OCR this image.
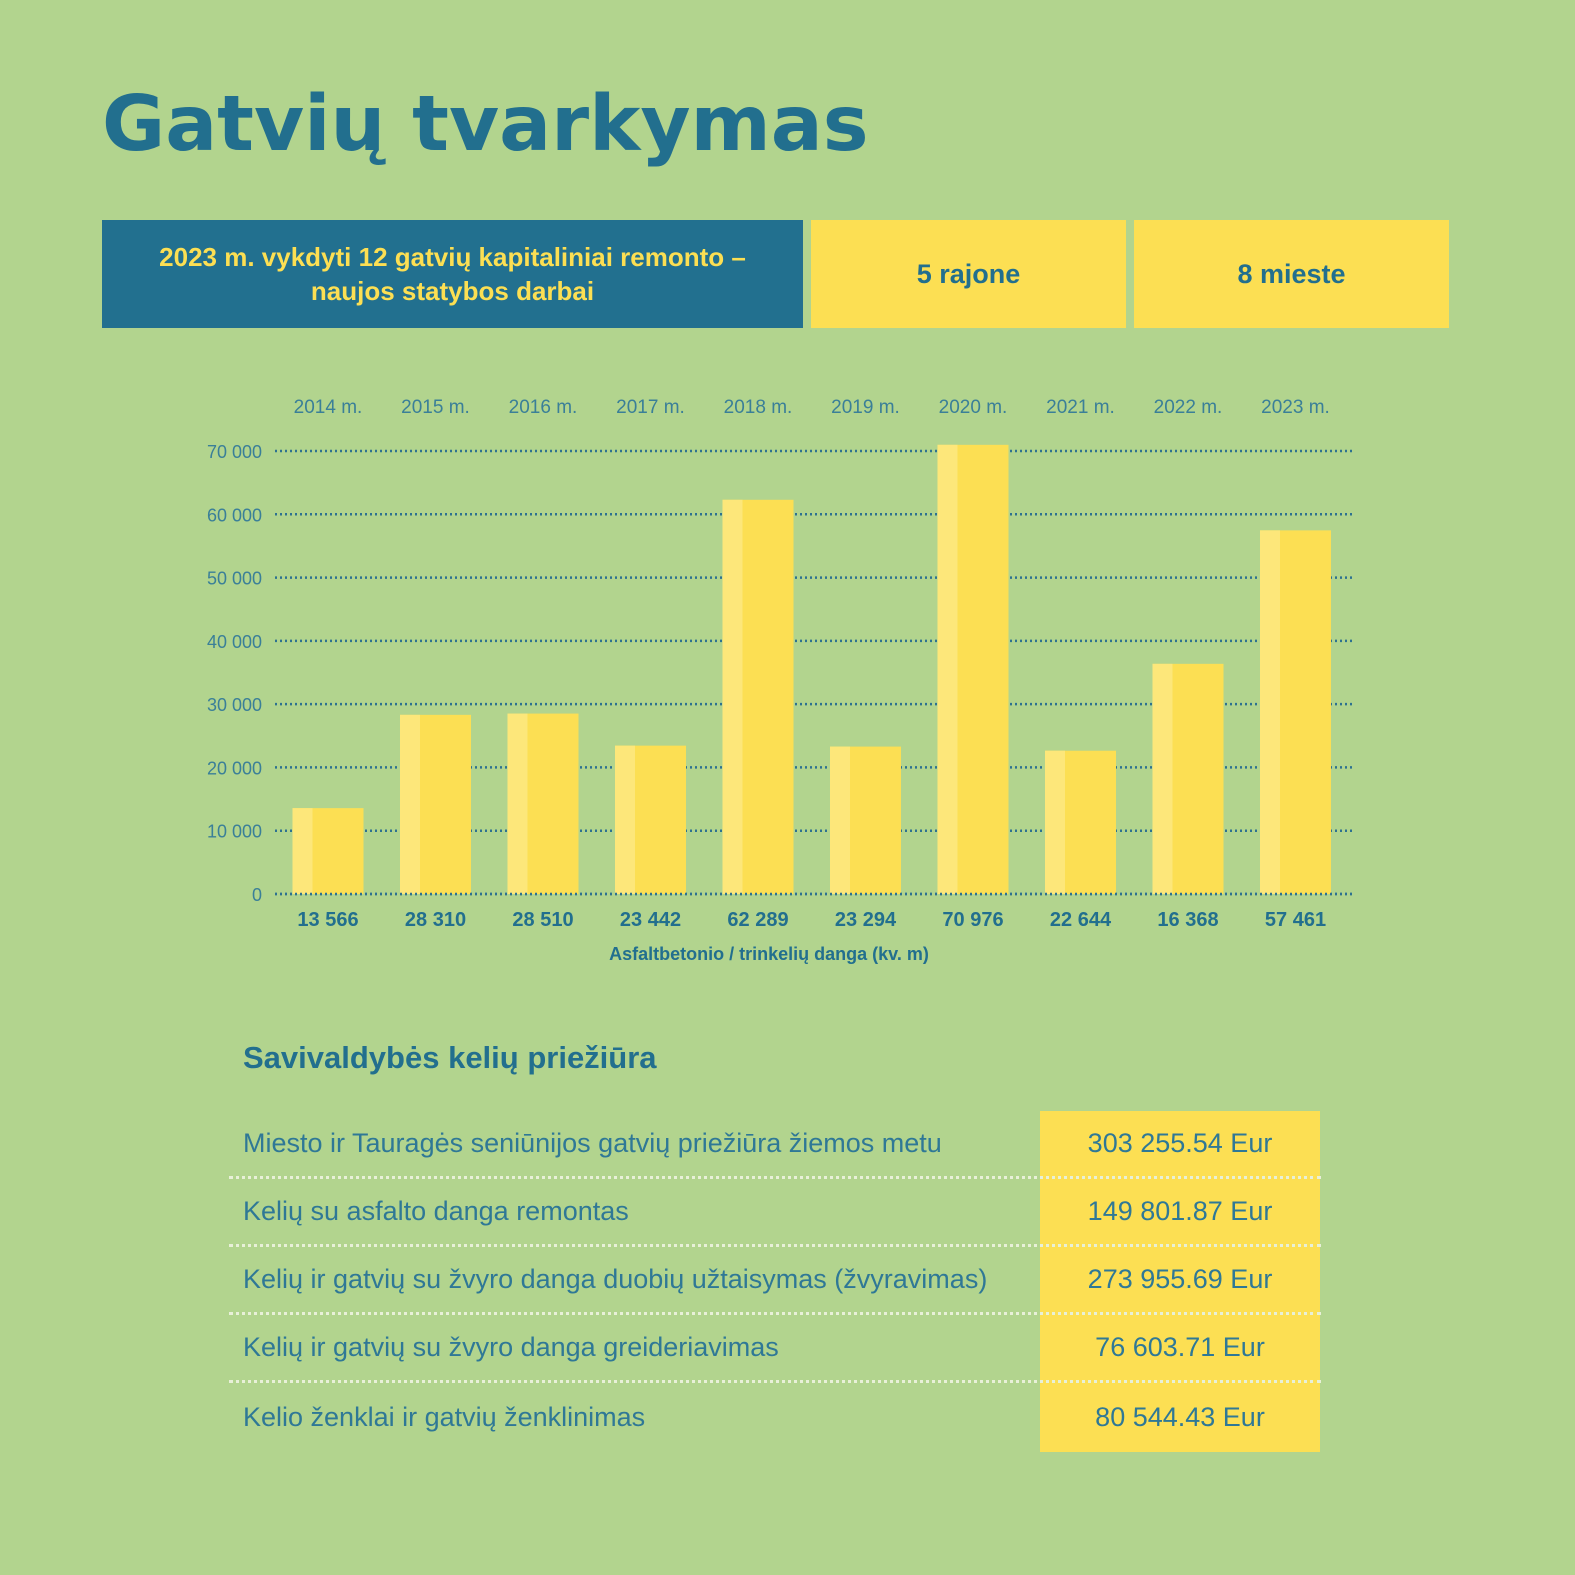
Gatvių tvarkymas
2023 m. vykdyti 12 gatvių kapitaliniai remonto – naujos statybos darbai
5 rajone	8 mieste
0
10 000
20 000
30 000
40 000
50 000
60 000
70 000
2014 m.
13 566
2015 m.
28 310
2016 m.
28 510
2017 m.
23 442
2018 m.
62 289
2019 m.
23 294
2020 m.
70 976
2021 m.
22 644
2022 m.
16 368
2023 m.
57 461
Asfaltbetonio / trinkelių danga (kv. m)
Savivaldybės kelių priežiūra
Miesto ir Tauragės seniūnijos gatvių priežiūra žiemos metu	303 255.54 Eur
Kelių su asfalto danga remontas	149 801.87 Eur
Kelių ir gatvių su žvyro danga duobių užtaisymas (žvyravimas)	273 955.69 Eur
Kelių ir gatvių su žvyro danga greideriavimas	76 603.71 Eur
Kelio ženklai ir gatvių ženklinimas	80 544.43 Eur
